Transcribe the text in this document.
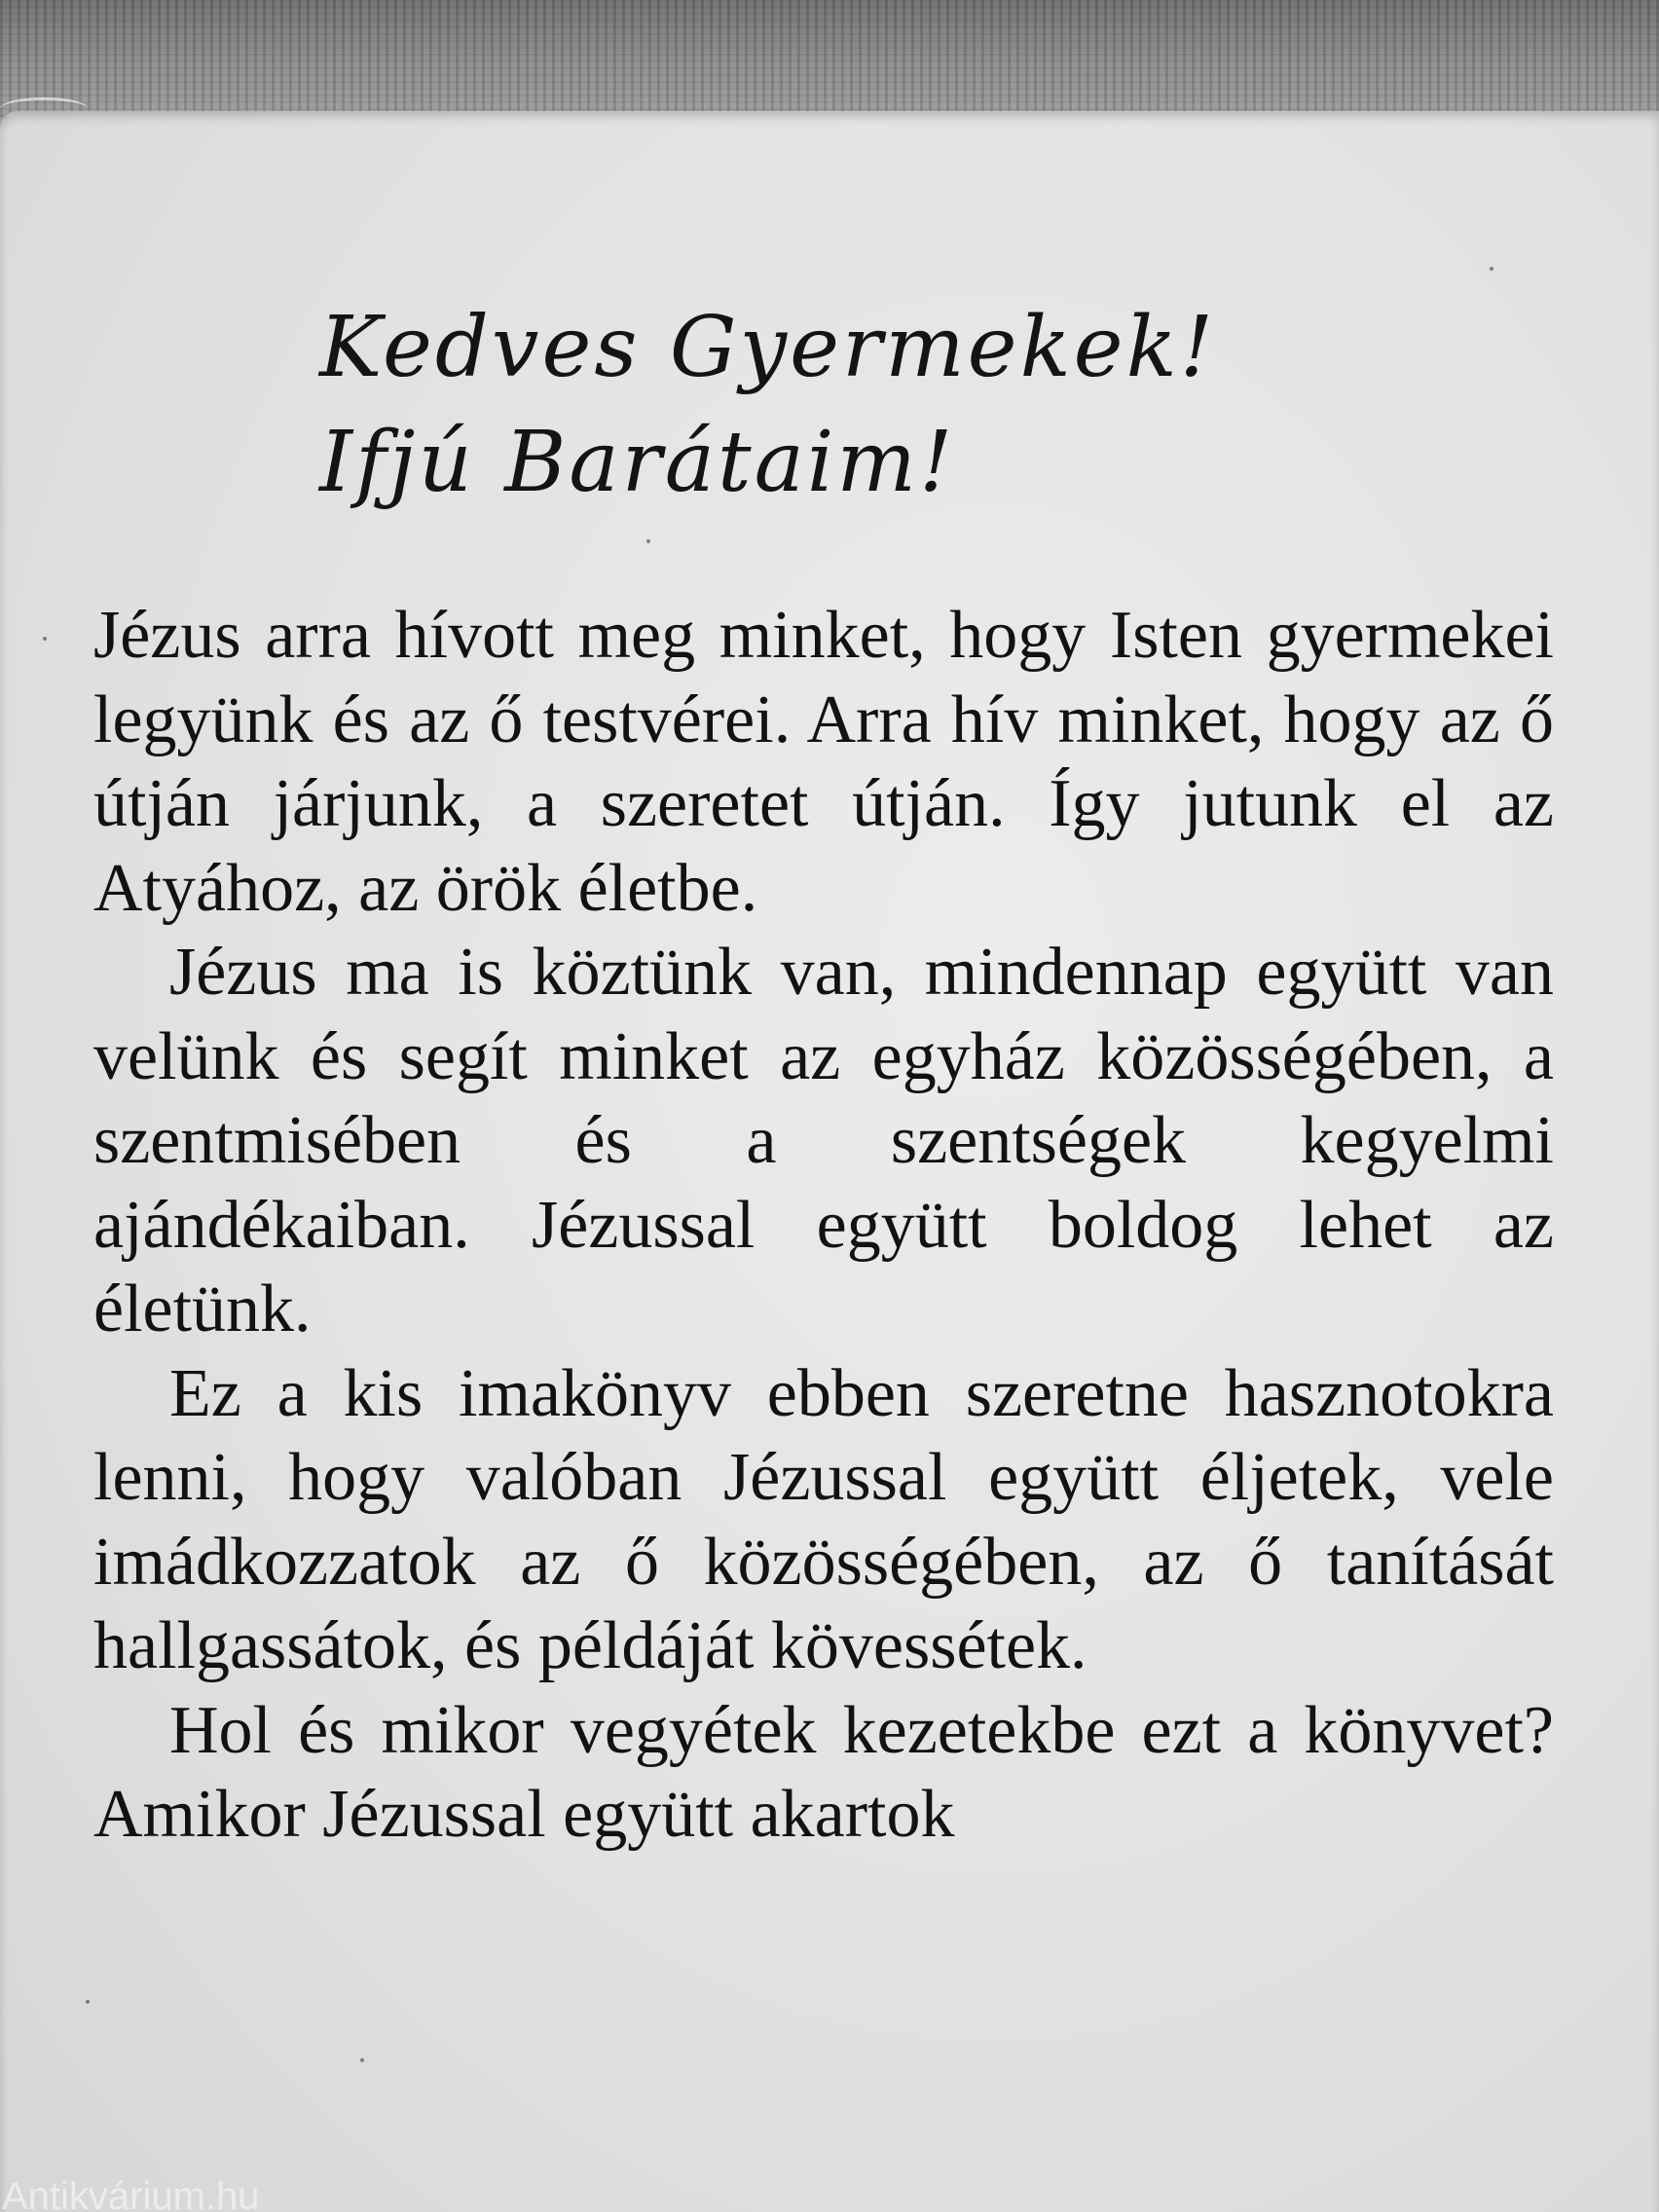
Kedves Gyermekek!
Ifjú Barátaim!

Jézus arra hívott meg minket, hogy Isten gyermekei legyünk és az ő testvérei. Arra hív minket, hogy az ő útján járjunk, a szeretet útján. Így jutunk el az Atyához, az örök életbe.

Jézus ma is köztünk van, mindennap együtt van velünk és segít minket az egyház közösségében, a szentmisében és a szentségek kegyelmi ajándékaiban. Jézussal együtt boldog lehet az életünk.

Ez a kis imakönyv ebben szeretne hasznotokra lenni, hogy valóban Jézussal együtt éljetek, vele imádkozzatok az ő közösségében, az ő tanítását hallgassátok, és példáját kövessétek.

Hol és mikor vegyétek kezetekbe ezt a könyvet? Amikor Jézussal együtt akartok

Antikvárium.hu
